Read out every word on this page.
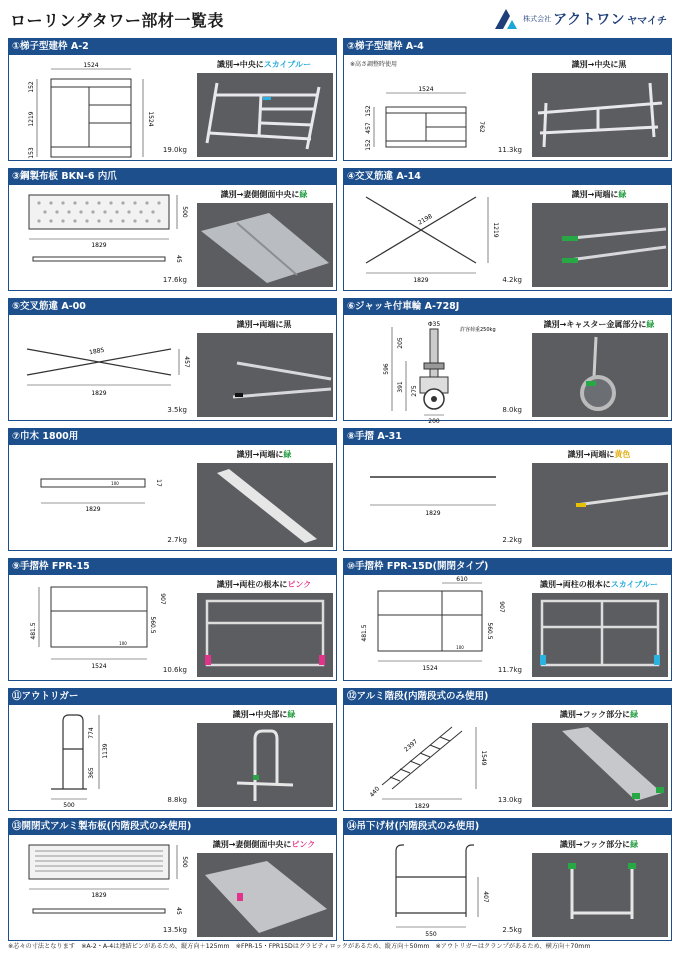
ローリングタワー部材一覧表	株式会社 アクトワン ヤマイチ
①梯子型建枠 A-2
1524
152
1219
153
1524
識別→中央にスカイブルー
19.0kg
②梯子型建枠 A-4
※高さ調整時使用
1524
152
457
152
762
識別→中央に黒
11.3kg
③鋼製布板 BKN-6 内爪
1829
500
45
識別→妻側側面中央に緑
17.6kg
④交叉筋違 A-14
2198
1219
1829
識別→両端に緑
4.2kg
⑤交叉筋違 A-00
1885
457
1829
識別→両端に黒
3.5kg
⑥ジャッキ付車輪 A-728J
Φ35
許容荷重250kg
205
596
391 275
200
識別→キャスター金属部分に緑
8.0kg
⑦巾木 1800用
1829
100	17
識別→両端に緑
2.7kg
⑧手摺 A-31
1829
識別→両端に黄色
2.2kg
⑨手摺枠 FPR-15
1524
907
560.5
481.5
100
識別→両柱の根本にピンク
10.6kg
⑩手摺枠 FPR-15D(開閉タイプ)
610
1524
907
560.5
481.5
100
識別→両柱の根本にスカイブルー
11.7kg
⑪アウトリガー
774
1139
365
500
識別→中央部に緑
8.8kg
⑫アルミ階段(内階段式のみ使用)
2397
1549
1829
440
識別→フック部分に緑
13.0kg
⑬開閉式アルミ製布板(内階段式のみ使用)
1829
500
45
識別→妻側側面中央にピンク
13.5kg
⑭吊下げ材(内階段式のみ使用)
407
550
識別→フック部分に緑
2.5kg
※芯々の寸法となります　※A-2・A-4は連結ピンがあるため、縦方向＋125mm　※FPR-15・FPR15Dはグラビティロックがあるため、縦方向＋50mm　※アウトリガーはクランプがあるため、横方向＋70mm
